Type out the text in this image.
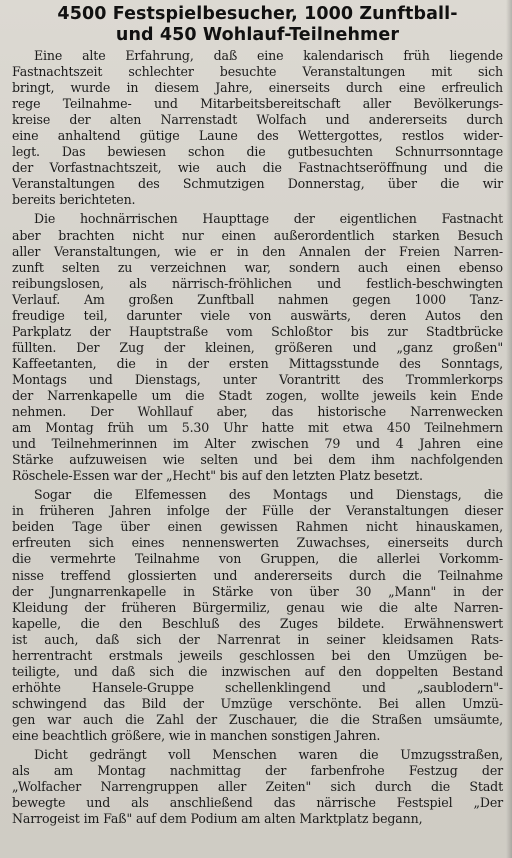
4500 Festspielbesucher, 1000 Zunftball-
und 450 Wohlauf-Teilnehmer
Eine alte Erfahrung, daß eine kalendarisch früh liegende
Fastnachtszeit schlechter besuchte Veranstaltungen mit sich
bringt, wurde in diesem Jahre, einerseits durch eine erfreulich
rege Teilnahme- und Mitarbeitsbereitschaft aller Bevölkerungs-
kreise der alten Narrenstadt Wolfach und andererseits durch
eine anhaltend gütige Laune des Wettergottes, restlos wider-
legt. Das bewiesen schon die gutbesuchten Schnurrsonntage
der Vorfastnachtszeit, wie auch die Fastnachtseröffnung und die
Veranstaltungen des Schmutzigen Donnerstag, über die wir
bereits berichteten.
Die hochnärrischen Haupttage der eigentlichen Fastnacht
aber brachten nicht nur einen außerordentlich starken Besuch
aller Veranstaltungen, wie er in den Annalen der Freien Narren-
zunft selten zu verzeichnen war, sondern auch einen ebenso
reibungslosen, als närrisch-fröhlichen und festlich-beschwingten
Verlauf. Am großen Zunftball nahmen gegen 1000 Tanz-
freudige teil, darunter viele von auswärts, deren Autos den
Parkplatz der Hauptstraße vom Schloßtor bis zur Stadtbrücke
füllten. Der Zug der kleinen, größeren und „ganz großen"
Kaffeetanten, die in der ersten Mittagsstunde des Sonntags,
Montags und Dienstags, unter Vorantritt des Trommlerkorps
der Narrenkapelle um die Stadt zogen, wollte jeweils kein Ende
nehmen. Der Wohllauf aber, das historische Narrenwecken
am Montag früh um 5.30 Uhr hatte mit etwa 450 Teilnehmern
und Teilnehmerinnen im Alter zwischen 79 und 4 Jahren eine
Stärke aufzuweisen wie selten und bei dem ihm nachfolgenden
Röschele-Essen war der „Hecht" bis auf den letzten Platz besetzt.
Sogar die Elfemessen des Montags und Dienstags, die
in früheren Jahren infolge der Fülle der Veranstaltungen dieser
beiden Tage über einen gewissen Rahmen nicht hinauskamen,
erfreuten sich eines nennenswerten Zuwachses, einerseits durch
die vermehrte Teilnahme von Gruppen, die allerlei Vorkomm-
nisse treffend glossierten und andererseits durch die Teilnahme
der Jungnarrenkapelle in Stärke von über 30 „Mann" in der
Kleidung der früheren Bürgermiliz, genau wie die alte Narren-
kapelle, die den Beschluß des Zuges bildete. Erwähnenswert
ist auch, daß sich der Narrenrat in seiner kleidsamen Rats-
herrentracht erstmals jeweils geschlossen bei den Umzügen be-
teiligte, und daß sich die inzwischen auf den doppelten Bestand
erhöhte Hansele-Gruppe schellenklingend und „saublodern"-
schwingend das Bild der Umzüge verschönte. Bei allen Umzü-
gen war auch die Zahl der Zuschauer, die die Straßen umsäumte,
eine beachtlich größere, wie in manchen sonstigen Jahren.
Dicht gedrängt voll Menschen waren die Umzugsstraßen,
als am Montag nachmittag der farbenfrohe Festzug der
„Wolfacher Narrengruppen aller Zeiten" sich durch die Stadt
bewegte und als anschließend das närrische Festspiel „Der
Narrogeist im Faß" auf dem Podium am alten Marktplatz begann,
